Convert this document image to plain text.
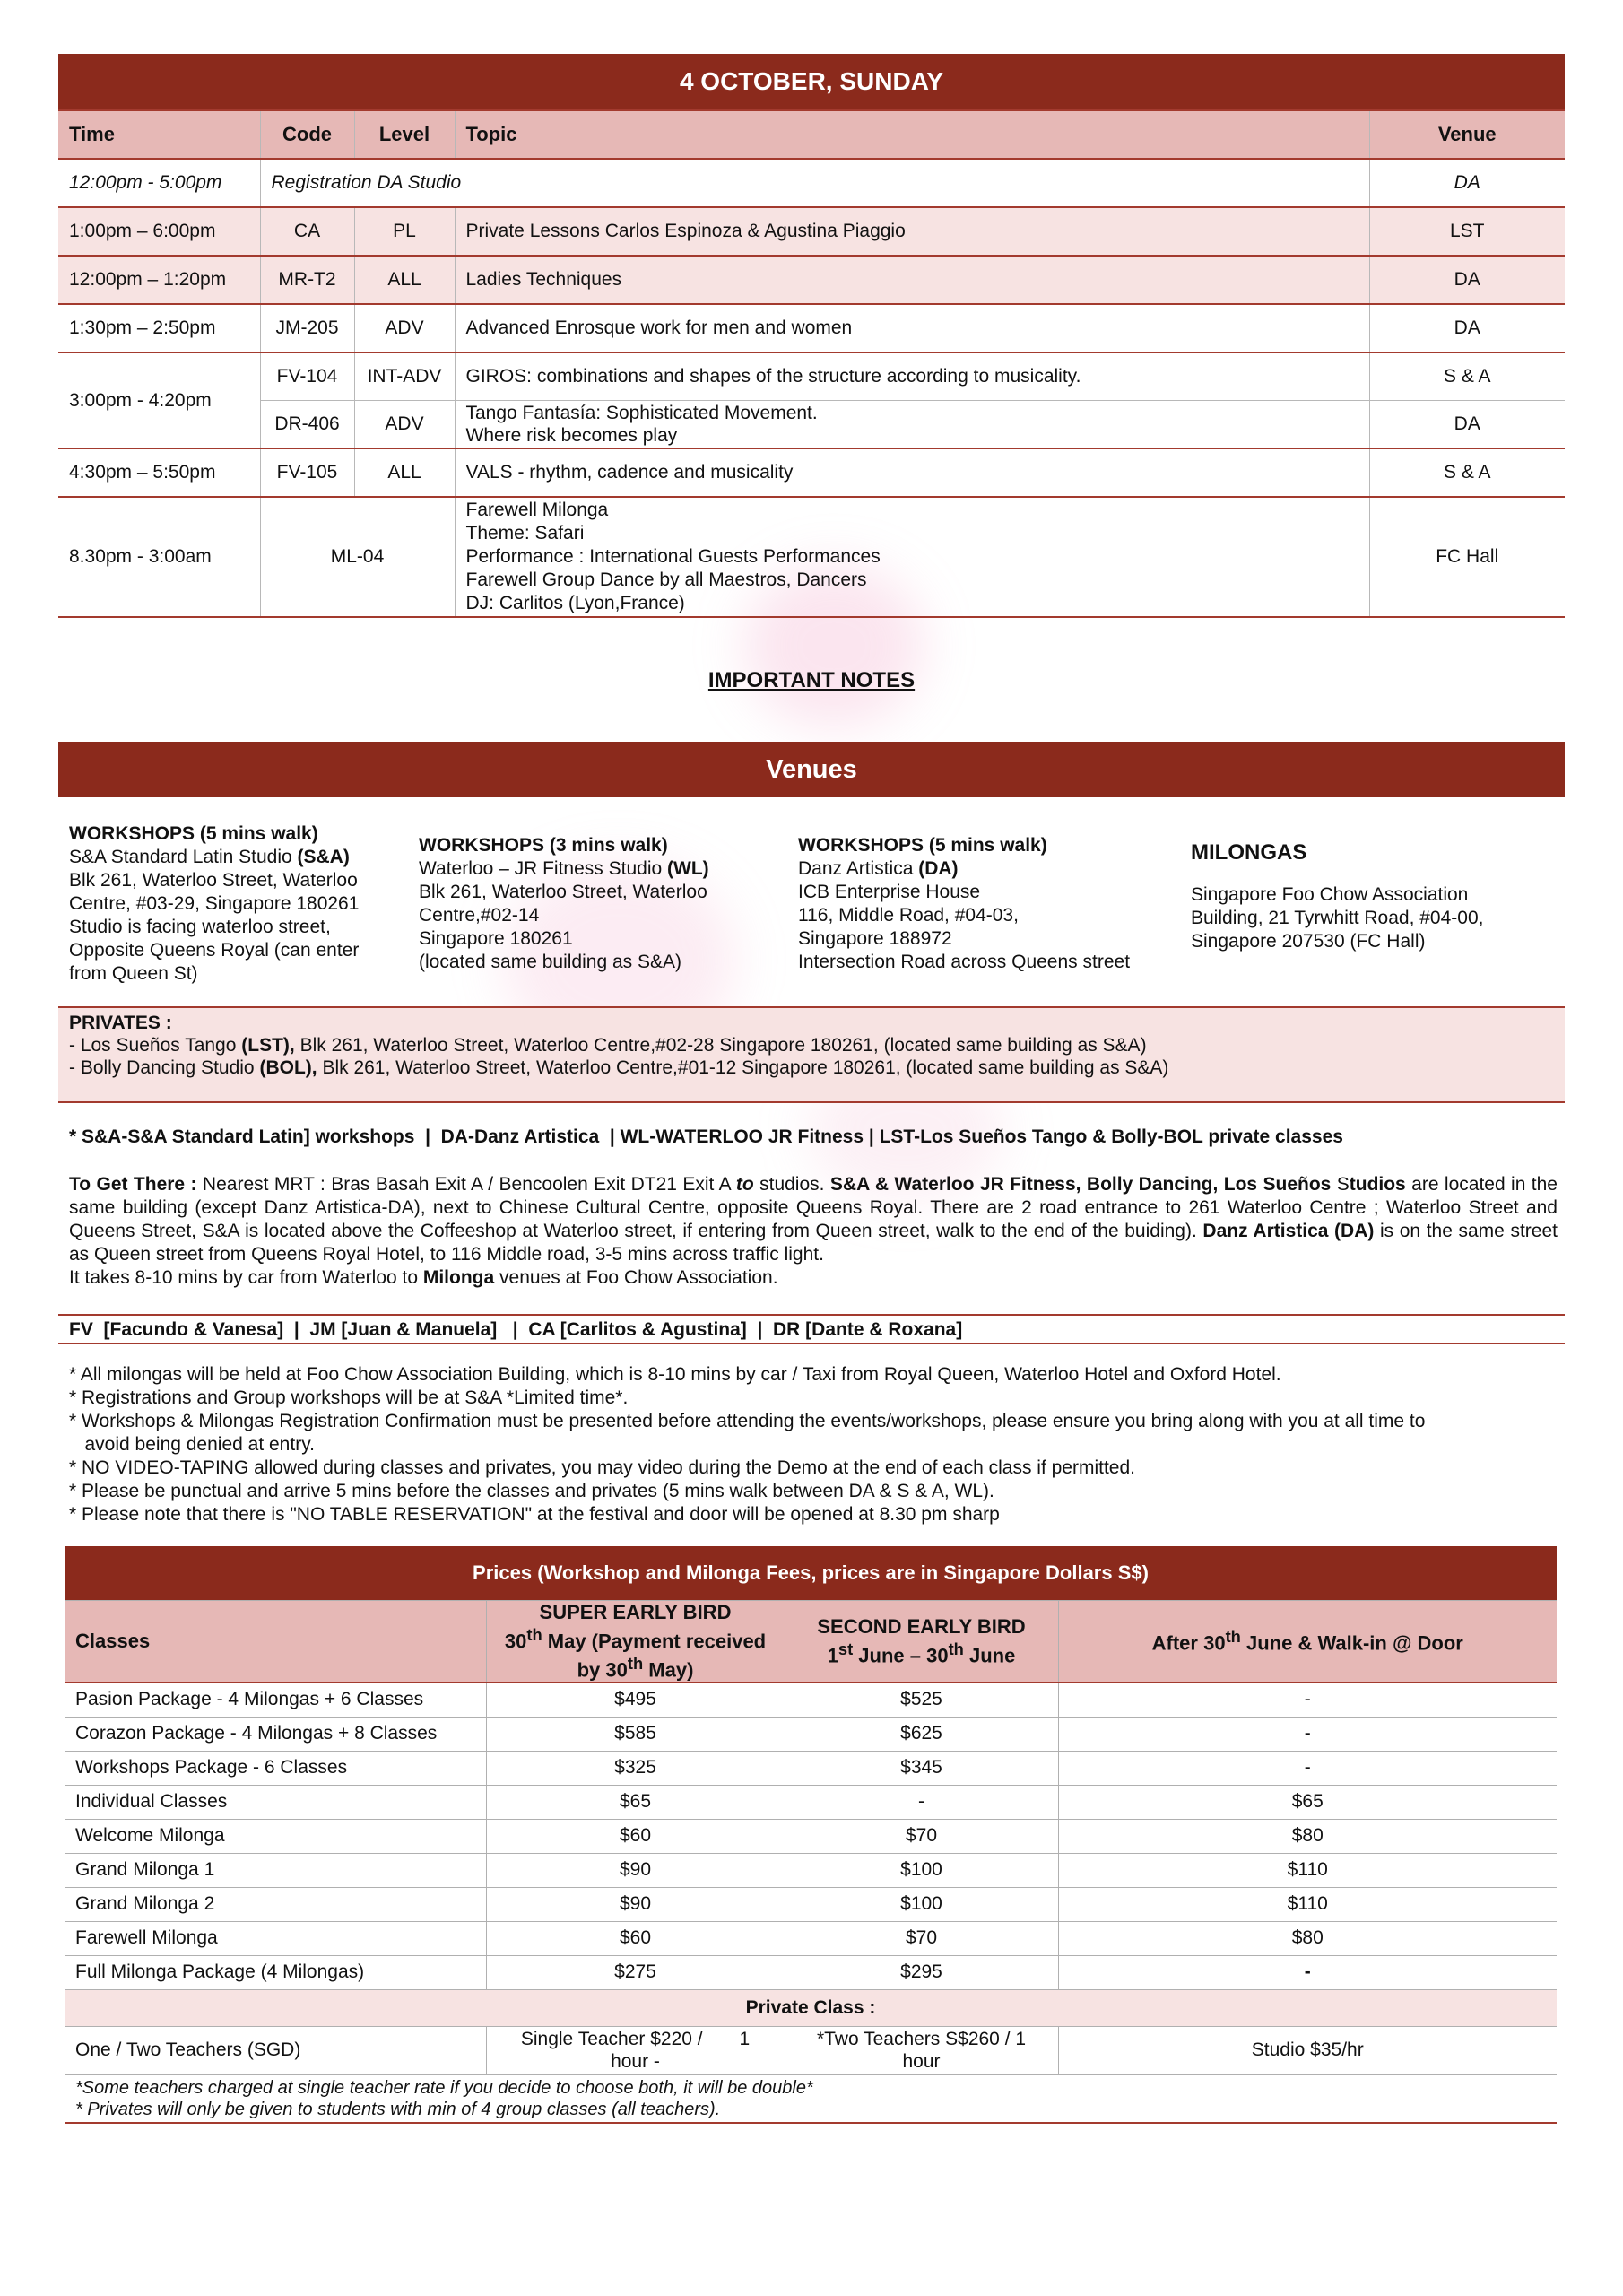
4 OCTOBER, SUNDAY				
Time	Code	Level	Topic	Venue
12:00pm - 5:00pm	Registration DA Studio			DA
1:00pm – 6:00pm	CA	PL	Private Lessons Carlos Espinoza & Agustina Piaggio	LST
12:00pm – 1:20pm	MR-T2	ALL	Ladies Techniques	DA
1:30pm – 2:50pm	JM-205	ADV	Advanced Enrosque work for men and women	DA
3:00pm - 4:20pm	FV-104	INT-ADV	GIROS: combinations and shapes of the structure according to musicality.	S & A
	DR-406	ADV	Tango Fantasía: Sophisticated Movement.
Where risk becomes play	DA
4:30pm – 5:50pm	FV-105	ALL	VALS - rhythm, cadence and musicality	S & A
8.30pm - 3:00am	ML-04		Farewell Milonga
Theme: Safari
Performance : International Guests Performances
Farewell Group Dance by all Maestros, Dancers
DJ: Carlitos (Lyon,France)	FC Hall
IMPORTANT NOTES
Venues
WORKSHOPS (5 mins walk)
S&A Standard Latin Studio (S&A)
Blk 261, Waterloo Street, Waterloo
Centre, #03-29, Singapore 180261
Studio is facing waterloo street,
Opposite Queens Royal (can enter
from Queen St)
WORKSHOPS (3 mins walk)
Waterloo – JR Fitness Studio (WL)
Blk 261, Waterloo Street, Waterloo
Centre,#02-14
Singapore 180261
(located same building as S&A)
WORKSHOPS (5 mins walk)
Danz Artistica (DA)
ICB Enterprise House
116, Middle Road, #04-03,
Singapore 188972
Intersection Road across Queens street
MILONGAS

Singapore Foo Chow Association
Building, 21 Tyrwhitt Road, #04-00,
Singapore 207530 (FC Hall)
PRIVATES :
- Los Sueños Tango (LST), Blk 261, Waterloo Street, Waterloo Centre,#02-28 Singapore 180261, (located same building as S&A)
- Bolly Dancing Studio (BOL), Blk 261, Waterloo Street, Waterloo Centre,#01-12 Singapore 180261, (located same building as S&A)
* S&A-S&A Standard Latin] workshops  |  DA-Danz Artistica  | WL-WATERLOO JR Fitness | LST-Los Sueños Tango & Bolly-BOL private classes
To Get There : Nearest MRT : Bras Basah Exit A / Bencoolen Exit DT21 Exit A to studios. S&A & Waterloo JR Fitness, Bolly Dancing, Los Sueños Studios are located in the same building (except Danz Artistica-DA), next to Chinese Cultural Centre, opposite Queens Royal. There are 2 road entrance to 261 Waterloo Centre ; Waterloo Street and Queens Street, S&A is located above the Coffeeshop at Waterloo street, if entering from Queen street, walk to the end of the buiding). Danz Artistica (DA) is on the same street as Queen street from Queens Royal Hotel, to 116 Middle road, 3-5 mins across traffic light.
It takes 8-10 mins by car from Waterloo to Milonga venues at Foo Chow Association.
FV  [Facundo & Vanesa]  |  JM [Juan & Manuela]   |  CA [Carlitos & Agustina]  |  DR [Dante & Roxana]
* All milongas will be held at Foo Chow Association Building, which is 8-10 mins by car / Taxi from Royal Queen, Waterloo Hotel and Oxford Hotel.
* Registrations and Group workshops will be at S&A *Limited time*.
* Workshops & Milongas Registration Confirmation must be presented before attending the events/workshops, please ensure you bring along with you at all time to
avoid being denied at entry.
* NO VIDEO-TAPING allowed during classes and privates, you may video during the Demo at the end of each class if permitted.
* Please be punctual and arrive 5 mins before the classes and privates (5 mins walk between DA & S & A, WL).
* Please note that there is "NO TABLE RESERVATION" at the festival and door will be opened at 8.30 pm sharp
Prices (Workshop and Milonga Fees, prices are in Singapore Dollars S$)			
Classes	SUPER EARLY BIRD
30th May (Payment received
by 30th May)	SECOND EARLY BIRD
1st June – 30th June	After 30th June & Walk-in @ Door
Pasion Package - 4 Milongas + 6 Classes	$495	$525	-
Corazon Package - 4 Milongas + 8 Classes	$585	$625	-
Workshops Package - 6 Classes	$325	$345	-
Individual Classes	$65	-	$65
Welcome Milonga	$60	$70	$80
Grand Milonga 1	$90	$100	$110
Grand Milonga 2	$90	$100	$110
Farewell Milonga	$60	$70	$80
Full Milonga Package (4 Milongas)	$275	$295	-
Private Class :			
One / Two Teachers (SGD)	Single Teacher $220 /       1
hour -	*Two Teachers S$260 / 1
hour	Studio $35/hr
*Some teachers charged at single teacher rate if you decide to choose both, it will be double*
* Privates will only be given to students with min of 4 group classes (all teachers).			
